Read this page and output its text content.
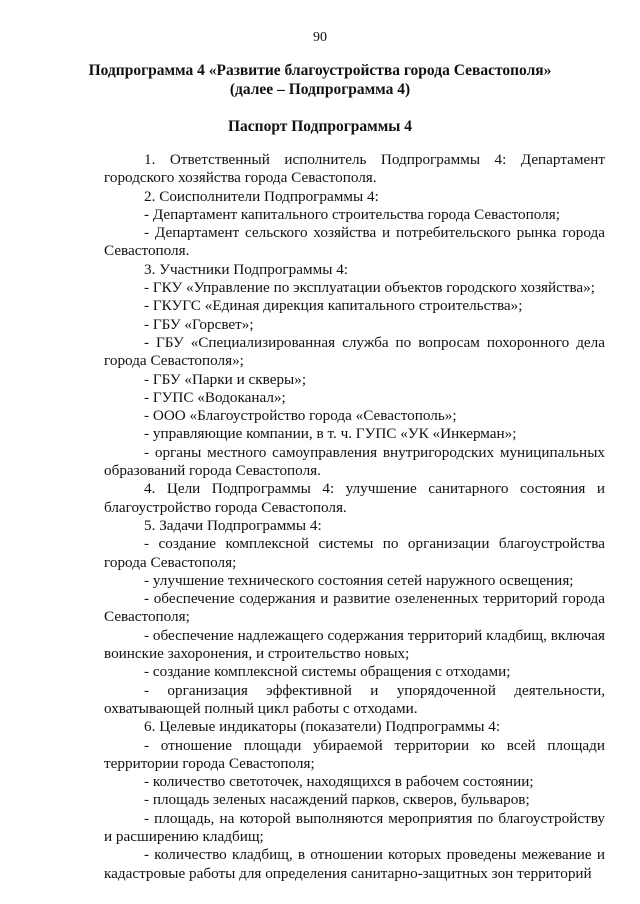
90
Подпрограмма 4 «Развитие благоустройства города Севастополя»
(далее – Подпрограмма 4)
Паспорт Подпрограммы 4

1. Ответственный исполнитель Подпрограммы 4: Департамент городского хозяйства города Севастополя.

2. Соисполнители Подпрограммы 4:

- Департамент капитального строительства города Севастополя;

- Департамент сельского хозяйства и потребительского рынка города Севастополя.

3. Участники Подпрограммы 4:

- ГКУ «Управление по эксплуатации объектов городского хозяйства»;

- ГКУГС «Единая дирекция капитального строительства»;

- ГБУ «Горсвет»;

- ГБУ «Специализированная служба по вопросам похоронного дела города Севастополя»;

- ГБУ «Парки и скверы»;

- ГУПС «Водоканал»;

- ООО «Благоустройство города «Севастополь»;

- управляющие компании, в т. ч. ГУПС «УК «Инкерман»;

- органы местного самоуправления внутригородских муниципальных образований города Севастополя.

4. Цели Подпрограммы 4: улучшение санитарного состояния и благоустройство города Севастополя.

5. Задачи Подпрограммы 4:

- создание комплексной системы по организации благоустройства города Севастополя;

- улучшение технического состояния сетей наружного освещения;

- обеспечение содержания и развитие озелененных территорий города Севастополя;

- обеспечение надлежащего содержания территорий кладбищ, включая воинские захоронения, и строительство новых;

- создание комплексной системы обращения с отходами;

- организация эффективной и упорядоченной деятельности, охватывающей полный цикл работы с отходами.

6. Целевые индикаторы (показатели) Подпрограммы 4:

- отношение площади убираемой территории ко всей площади территории города Севастополя;

- количество светоточек, находящихся в рабочем состоянии;

- площадь зеленых насаждений парков, скверов, бульваров;

- площадь, на которой выполняются мероприятия по благоустройству и расширению кладбищ;

- количество кладбищ, в отношении которых проведены межевание и кадастровые работы для определения санитарно-защитных зон территорий
